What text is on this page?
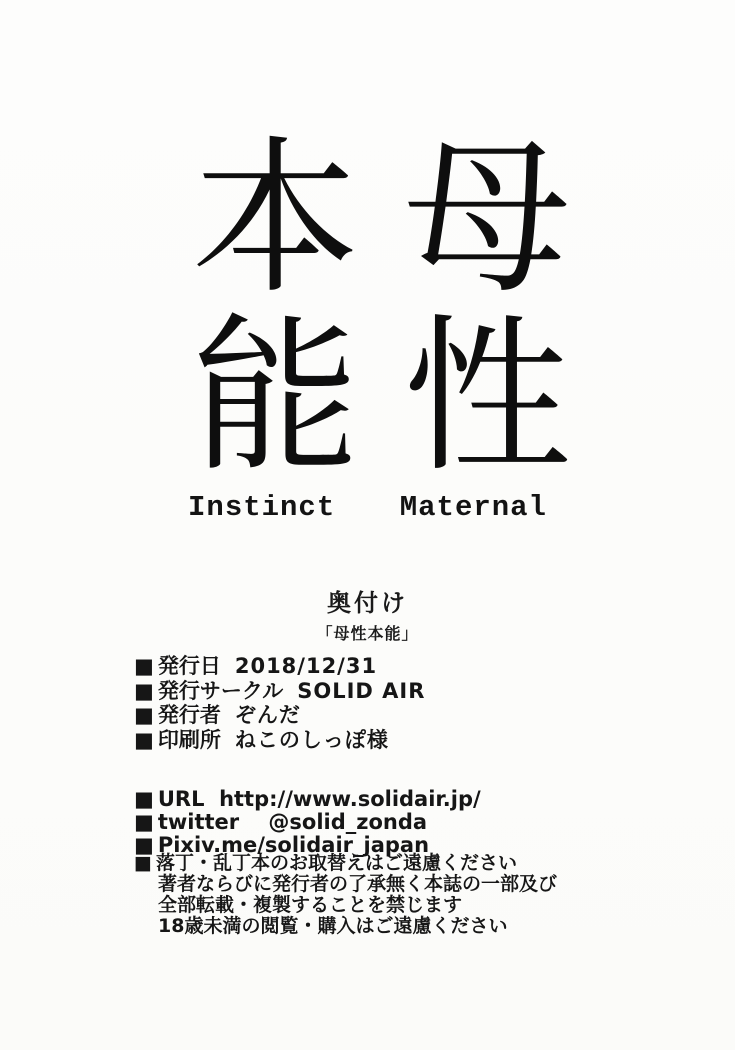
本能
Instinct
母性
Maternal
奥付け
「母性本能」
■ 発行日 2018/12/31
■ 発行サークル SOLID AIR
■ 発行者 ぞんだ
■ 印刷所 ねこのしっぽ様
■ URL  http://www.solidair.jp/
■ twitter    @solid_zonda
■ Pixiv.me/solidair_japan
■ 落丁・乱丁本のお取替えはご遠慮ください
著者ならびに発行者の了承無く本誌の一部及び
全部転載・複製することを禁じます
18歳未満の閲覧・購入はご遠慮ください
